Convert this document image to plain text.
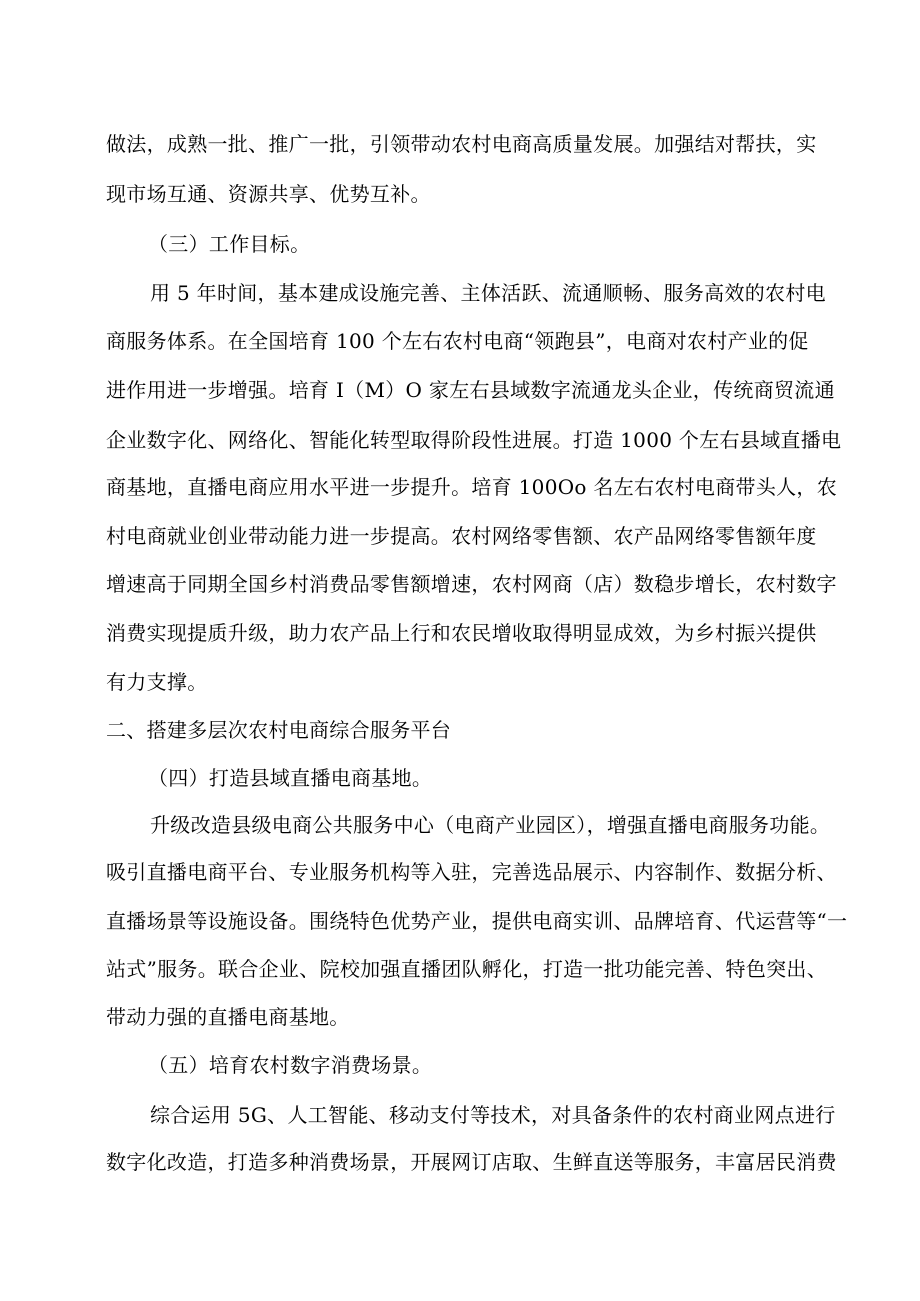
做法，成熟一批、推广一批，引领带动农村电商高质量发展。加强结对帮扶，实
现市场互通、资源共享、优势互补。
（三）工作目标。
用 5 年时间，基本建成设施完善、主体活跃、流通顺畅、服务高效的农村电
商服务体系。在全国培育 100 个左右农村电商“领跑县”，电商对农村产业的促
进作用进一步增强。培育 I（M）O 家左右县域数字流通龙头企业，传统商贸流通
企业数字化、网络化、智能化转型取得阶段性进展。打造 1000 个左右县域直播电
商基地，直播电商应用水平进一步提升。培育 100Oo 名左右农村电商带头人，农
村电商就业创业带动能力进一步提高。农村网络零售额、农产品网络零售额年度
增速高于同期全国乡村消费品零售额增速，农村网商（店）数稳步增长，农村数字
消费实现提质升级，助力农产品上行和农民增收取得明显成效，为乡村振兴提供
有力支撑。
二、搭建多层次农村电商综合服务平台
（四）打造县域直播电商基地。
升级改造县级电商公共服务中心（电商产业园区），增强直播电商服务功能。
吸引直播电商平台、专业服务机构等入驻，完善选品展示、内容制作、数据分析、
直播场景等设施设备。围绕特色优势产业，提供电商实训、品牌培育、代运营等“一
站式”服务。联合企业、院校加强直播团队孵化，打造一批功能完善、特色突出、
带动力强的直播电商基地。
（五）培育农村数字消费场景。
综合运用 5G、人工智能、移动支付等技术，对具备条件的农村商业网点进行
数字化改造，打造多种消费场景，开展网订店取、生鲜直送等服务，丰富居民消费
